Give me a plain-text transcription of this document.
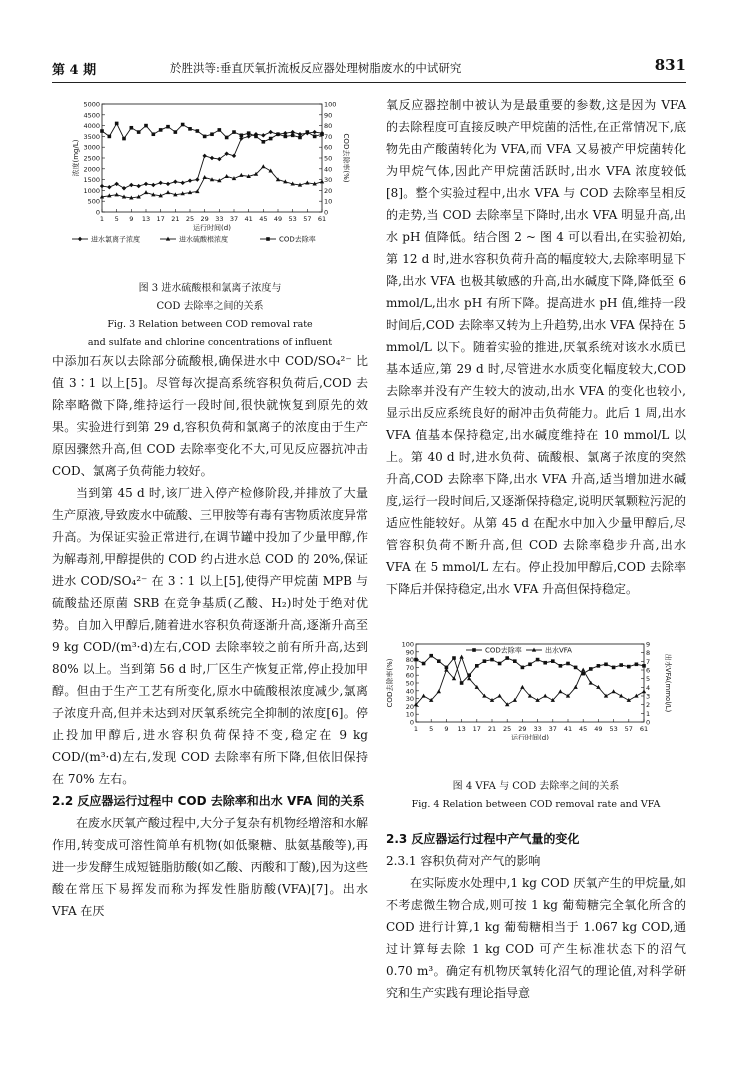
第 4 期	於胜洪等:垂直厌氧折流板反应器处理树脂废水的中试研究	831
0
500
1000
1500
2000
2500
3000
3500
4000
4500
5000
0
10
20
30
40
50
60
70
80
90
100
1 5 9 13 17 21 25 29 33 37 41 45 49 53 57 61
运行时间(d)
浓度(mg/L)	COD去除率(%)
进水氯离子浓度	进水硫酸根浓度	COD去除率
图 3 进水硫酸根和氯离子浓度与
COD 去除率之间的关系
Fig. 3 Relation between COD removal rate
and sulfate and chlorine concentrations of influent

中添加石灰以去除部分硫酸根,确保进水中 COD/SO₄²⁻ 比值 3∶1 以上[5]。尽管每次提高系统容积负荷后,COD 去除率略微下降,维持运行一段时间,很快就恢复到原先的效果。实验进行到第 29 d,容积负荷和氯离子的浓度由于生产原因骤然升高,但 COD 去除率变化不大,可见反应器抗冲击 COD、氯离子负荷能力较好。

当到第 45 d 时,该厂进入停产检修阶段,并排放了大量生产原液,导致废水中硫酸、三甲胺等有毒有害物质浓度异常升高。为保证实验正常进行,在调节罐中投加了少量甲醇,作为解毒剂,甲醇提供的 COD 约占进水总 COD 的 20%,保证进水 COD/SO₄²⁻ 在 3∶1 以上[5],使得产甲烷菌 MPB 与硫酸盐还原菌 SRB 在竞争基质(乙酸、H₂)时处于绝对优势。自加入甲醇后,随着进水容积负荷逐渐升高,逐渐升高至 9 kg COD/(m³·d)左右,COD 去除率较之前有所升高,达到 80% 以上。当到第 56 d 时,厂区生产恢复正常,停止投加甲醇。但由于生产工艺有所变化,原水中硫酸根浓度减少,氯离子浓度升高,但并未达到对厌氧系统完全抑制的浓度[6]。停止投加甲醇后,进水容积负荷保持不变,稳定在 9 kg COD/(m³·d)左右,发现 COD 去除率有所下降,但依旧保持在 70% 左右。

2.2 反应器运行过程中 COD 去除率和出水 VFA 间的关系

在废水厌氧产酸过程中,大分子复杂有机物经增溶和水解作用,转变成可溶性简单有机物(如低聚糖、肽氨基酸等),再进一步发酵生成短链脂肪酸(如乙酸、丙酸和丁酸),因为这些酸在常压下易挥发而称为挥发性脂肪酸(VFA)[7]。出水 VFA 在厌

氧反应器控制中被认为是最重要的参数,这是因为 VFA 的去除程度可直接反映产甲烷菌的活性,在正常情况下,底物先由产酸菌转化为 VFA,而 VFA 又易被产甲烷菌转化为甲烷气体,因此产甲烷菌活跃时,出水 VFA 浓度较低[8]。整个实验过程中,出水 VFA 与 COD 去除率呈相反的走势,当 COD 去除率呈下降时,出水 VFA 明显升高,出水 pH 值降低。结合图 2 ~ 图 4 可以看出,在实验初始,第 12 d 时,进水容积负荷升高的幅度较大,去除率明显下降,出水 VFA 也极其敏感的升高,出水碱度下降,降低至 6 mmol/L,出水 pH 有所下降。提高进水 pH 值,维持一段时间后,COD 去除率又转为上升趋势,出水 VFA 保持在 5 mmol/L 以下。随着实验的推进,厌氧系统对该水水质已基本适应,第 29 d 时,尽管进水水质变化幅度较大,COD 去除率并没有产生较大的波动,出水 VFA 的变化也较小,显示出反应系统良好的耐冲击负荷能力。此后 1 周,出水 VFA 值基本保持稳定,出水碱度维持在 10 mmol/L 以上。第 40 d 时,进水负荷、硫酸根、氯离子浓度的突然升高,COD 去除率下降,出水 VFA 升高,适当增加进水碱度,运行一段时间后,又逐渐保持稳定,说明厌氧颗粒污泥的适应性能较好。从第 45 d 在配水中加入少量甲醇后,尽管容积负荷不断升高,但 COD 去除率稳步升高,出水 VFA 在 5 mmol/L 左右。停止投加甲醇后,COD 去除率下降后并保持稳定,出水 VFA 升高但保持稳定。

0
10
20
30
40
50
60
70
80
90
100
0
1
2
3
4
5
6
7
8
9
1 5 9 13 17 21 25 29 33 37 41 45 49 53 57 61
运行时间(d)
COD去除率(%)	出水VFA(mmol/L)
COD去除率	出水VFA
图 4 VFA 与 COD 去除率之间的关系
Fig. 4 Relation between COD removal rate and VFA

2.3 反应器运行过程中产气量的变化

2.3.1 容积负荷对产气的影响

在实际废水处理中,1 kg COD 厌氧产生的甲烷量,如不考虑微生物合成,则可按 1 kg 葡萄糖完全氧化所含的 COD 进行计算,1 kg 葡萄糖相当于 1.067 kg COD,通过计算每去除 1 kg COD 可产生标准状态下的沼气 0.70 m³。确定有机物厌氧转化沼气的理论值,对科学研究和生产实践有理论指导意
